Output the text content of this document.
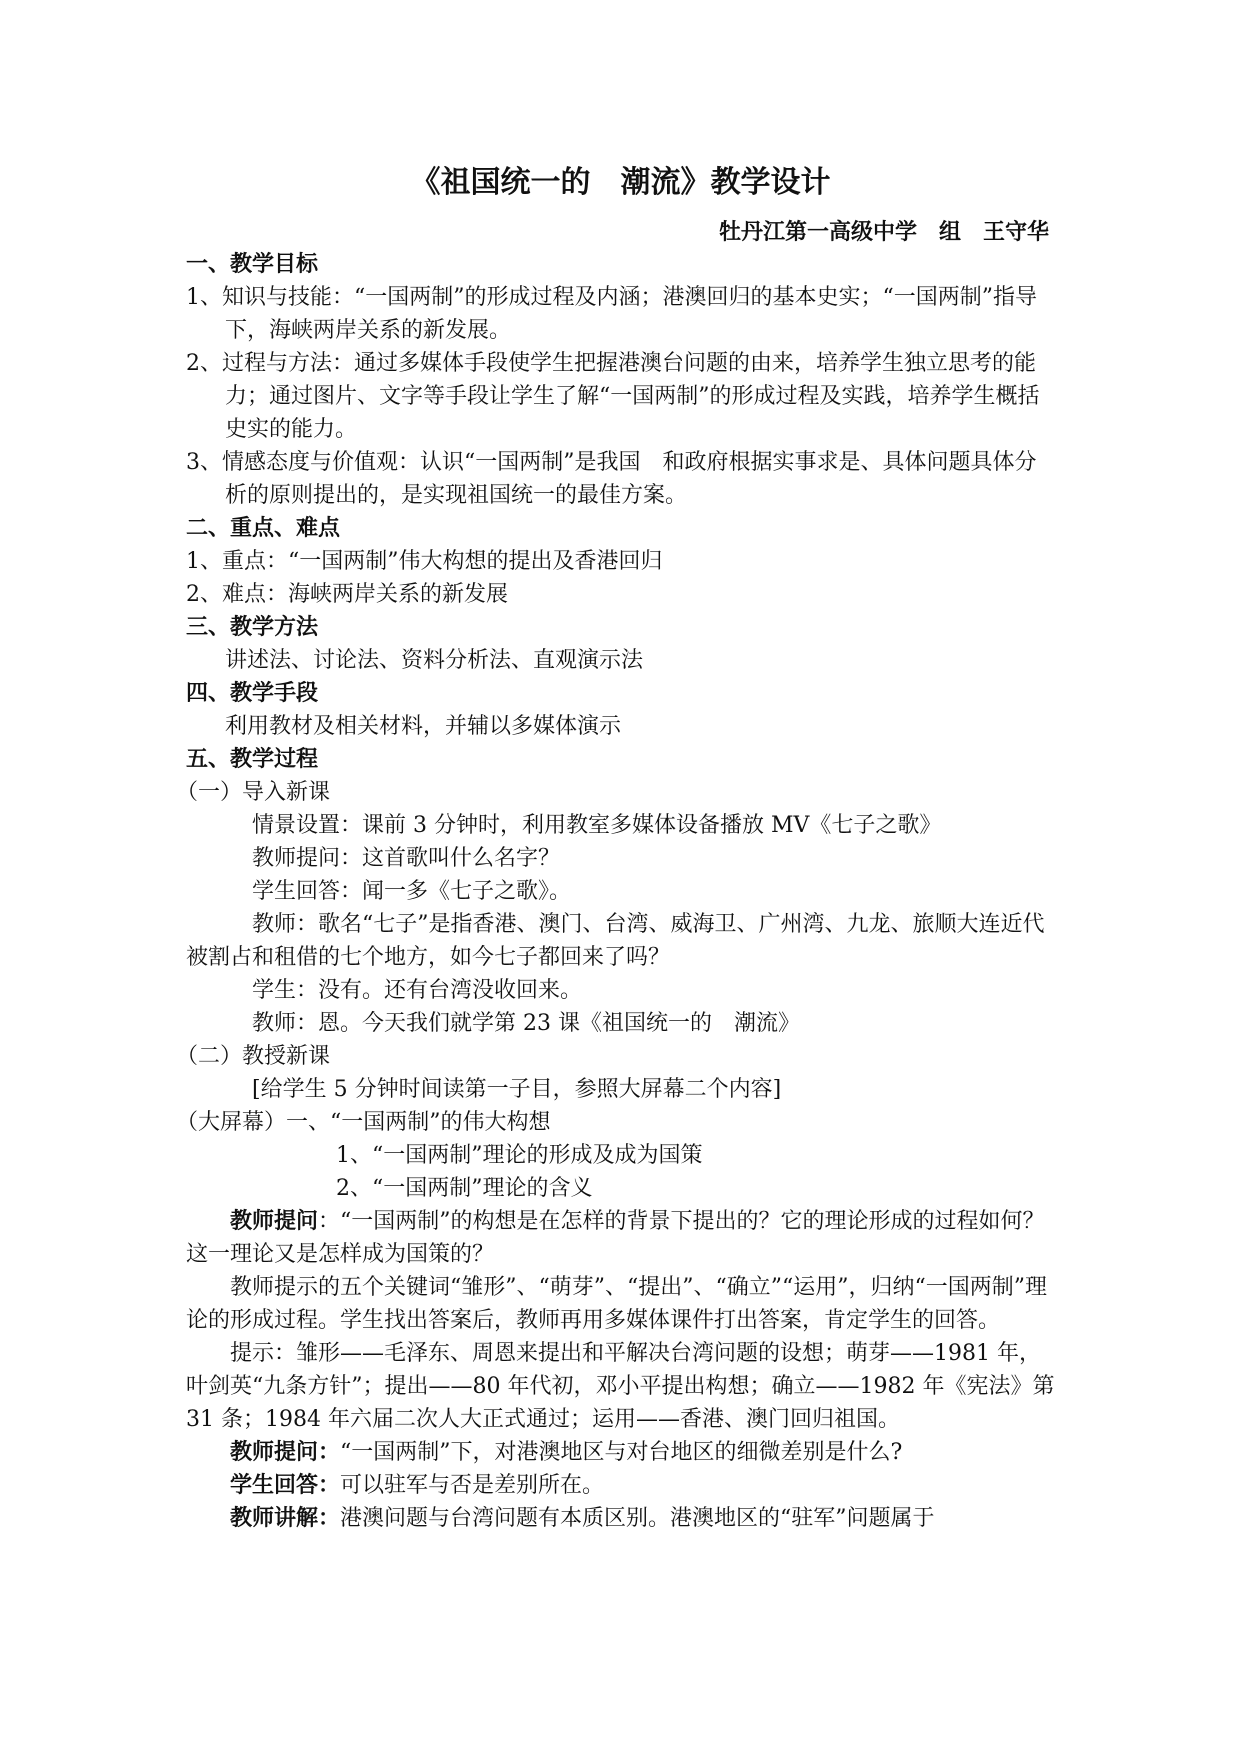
《祖国统一的　潮流》教学设计
牡丹江第一高级中学　组　王守华
一、教学目标
1、知识与技能：“一国两制”的形成过程及内涵；港澳回归的基本史实；“一国两制”指导下，海峡两岸关系的新发展。
2、过程与方法：通过多媒体手段使学生把握港澳台问题的由来，培养学生独立思考的能力；通过图片、文字等手段让学生了解“一国两制”的形成过程及实践，培养学生概括史实的能力。
3、情感态度与价值观：认识“一国两制”是我国　和政府根据实事求是、具体问题具体分析的原则提出的，是实现祖国统一的最佳方案。
二、重点、难点
1、重点：“一国两制”伟大构想的提出及香港回归
2、难点：海峡两岸关系的新发展
三、教学方法
讲述法、讨论法、资料分析法、直观演示法
四、教学手段
利用教材及相关材料，并辅以多媒体演示
五、教学过程
（一）导入新课
情景设置：课前 3 分钟时，利用教室多媒体设备播放 MV《七子之歌》
教师提问：这首歌叫什么名字？
学生回答：闻一多《七子之歌》。
教师：歌名“七子”是指香港、澳门、台湾、威海卫、广州湾、九龙、旅顺大连近代被割占和租借的七个地方，如今七子都回来了吗？
学生：没有。还有台湾没收回来。
教师：恩。今天我们就学第 23 课《祖国统一的　潮流》
（二）教授新课
[给学生 5 分钟时间读第一子目，参照大屏幕二个内容]
（大屏幕）一、“一国两制”的伟大构想
1、“一国两制”理论的形成及成为国策
2、“一国两制”理论的含义
教师提问：“一国两制”的构想是在怎样的背景下提出的？它的理论形成的过程如何？这一理论又是怎样成为国策的？
教师提示的五个关键词“雏形”、“萌芽”、“提出”、“确立”“运用”，归纳“一国两制”理论的形成过程。学生找出答案后，教师再用多媒体课件打出答案，肯定学生的回答。
提示：雏形——毛泽东、周恩来提出和平解决台湾问题的设想；萌芽——1981 年，叶剑英“九条方针”；提出——80 年代初，邓小平提出构想；确立——1982 年《宪法》第 31 条；1984 年六届二次人大正式通过；运用——香港、澳门回归祖国。
教师提问：“一国两制”下，对港澳地区与对台地区的细微差别是什么?
学生回答：可以驻军与否是差别所在。
教师讲解：港澳问题与台湾问题有本质区别。港澳地区的“驻军”问题属于
